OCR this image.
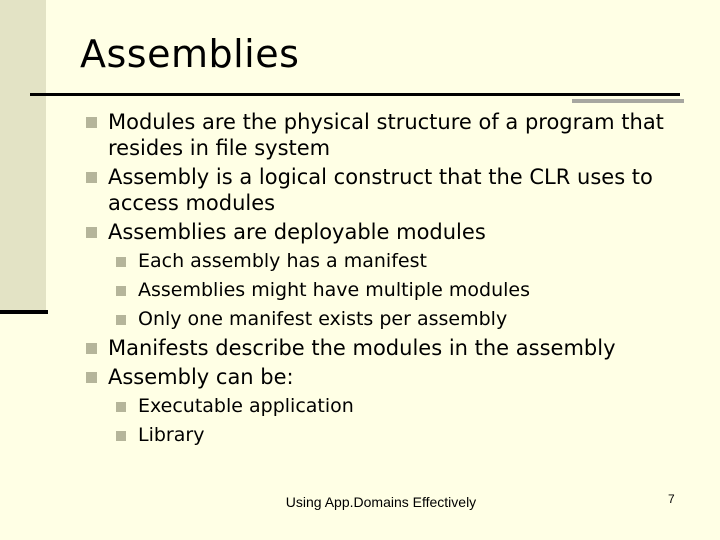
Assemblies
Modules are the physical structure of a program that resides in file system
Assembly is a logical construct that the CLR uses to access modules
Assemblies are deployable modules
Each assembly has a manifest
Assemblies might have multiple modules
Only one manifest exists per assembly
Manifests describe the modules in the assembly
Assembly can be:
Executable application
Library
Using App.Domains Effectively	7
